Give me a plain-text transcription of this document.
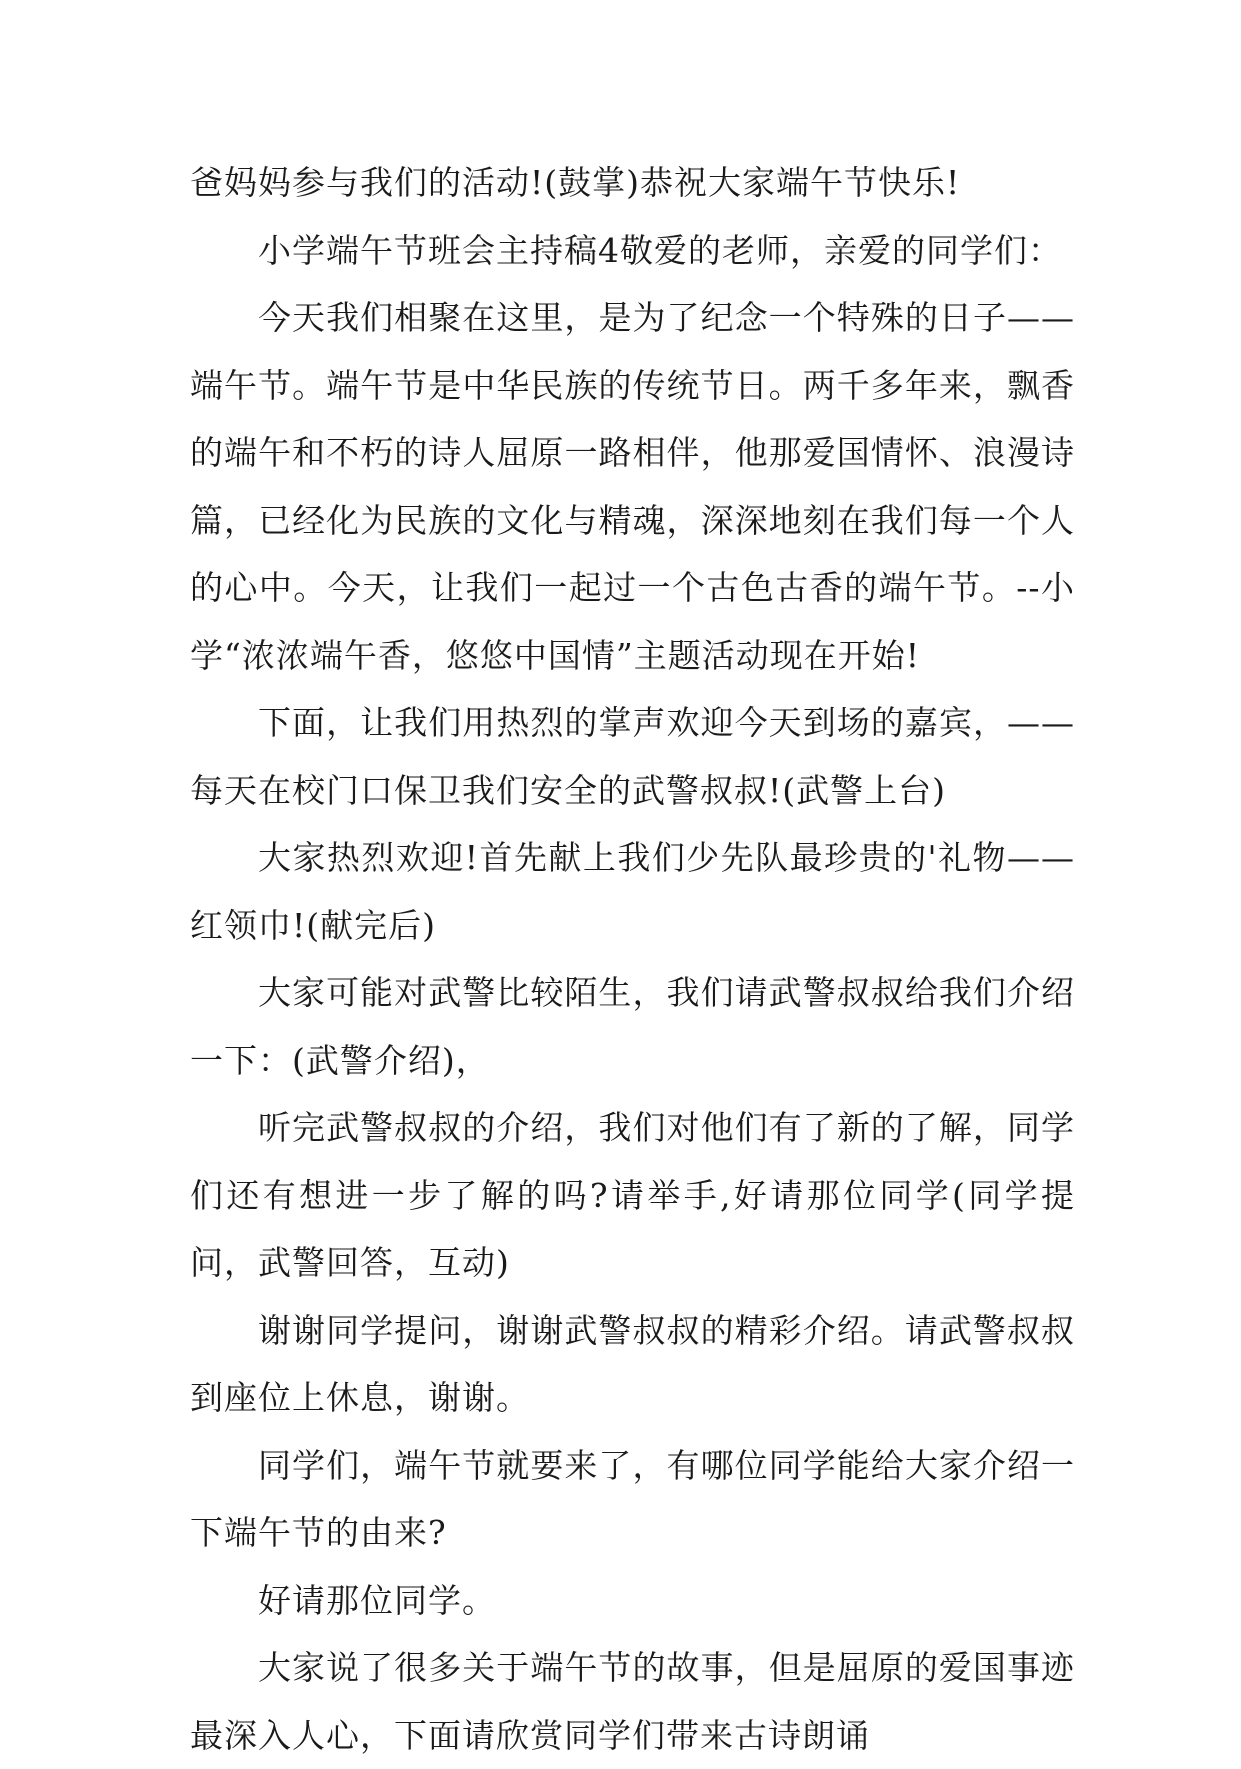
爸妈妈参与我们的活动!(鼓掌)恭祝大家端午节快乐!

小学端午节班会主持稿4敬爱的老师，亲爱的同学们：

今天我们相聚在这里，是为了纪念一个特殊的日子——端午节。端午节是中华民族的传统节日。两千多年来，飘香的端午和不朽的诗人屈原一路相伴，他那爱国情怀、浪漫诗篇，已经化为民族的文化与精魂，深深地刻在我们每一个人的心中。今天，让我们一起过一个古色古香的端午节。--小学“浓浓端午香，悠悠中国情”主题活动现在开始!

下面，让我们用热烈的掌声欢迎今天到场的嘉宾，——每天在校门口保卫我们安全的武警叔叔!(武警上台)

大家热烈欢迎!首先献上我们少先队最珍贵的'礼物——红领巾!(献完后)

大家可能对武警比较陌生，我们请武警叔叔给我们介绍一下：(武警介绍)，

听完武警叔叔的介绍，我们对他们有了新的了解，同学们还有想进一步了解的吗?请举手,好请那位同学(同学提问，武警回答，互动)

谢谢同学提问，谢谢武警叔叔的精彩介绍。请武警叔叔到座位上休息，谢谢。

同学们，端午节就要来了，有哪位同学能给大家介绍一下端午节的由来?

好请那位同学。

大家说了很多关于端午节的故事，但是屈原的爱国事迹最深入人心，下面请欣赏同学们带来古诗朗诵
